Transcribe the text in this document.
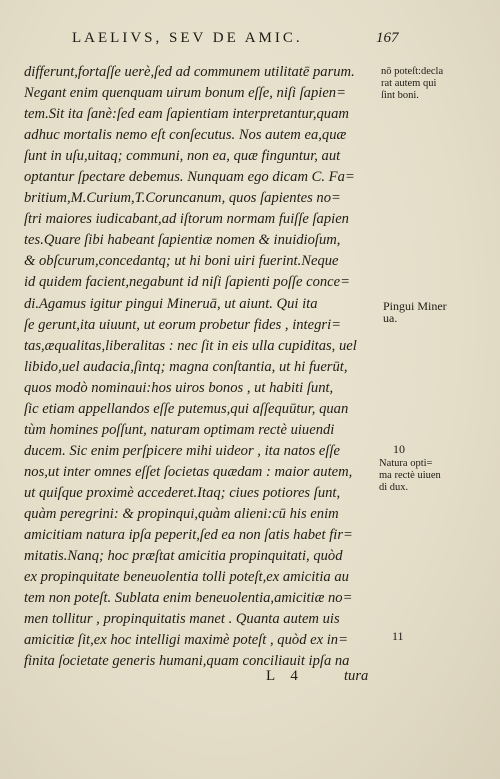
LAELIVS, SEV DE AMIC.	167
differunt,fortaſſe uerè,ſed ad communem utilitatē parum.
Negant enim quenquam uirum bonum eſſe, niſi ſapien=
tem.Sit ita ſanè:ſed eam ſapientiam interpretantur,quam
adhuc mortalis nemo eſt conſecutus. Nos autem ea,quæ
ſunt in uſu,uitaq; communi, non ea, quæ finguntur, aut
optantur ſpectare debemus. Nunquam ego dicam C. Fa=
britium,M.Curium,T.Coruncanum, quos ſapientes no=
ſtri maiores iudicabant,ad iſtorum normam fuiſſe ſapien
tes.Quare ſibi habeant ſapientiæ nomen & inuidioſum,
& obſcurum,concedantq; ut hi boni uiri fuerint.Neque
id quidem facient,negabunt id niſi ſapienti poſſe conce=
di.Agamus igitur pingui Mineruā, ut aiunt. Qui ita
ſe gerunt,ita uiuunt, ut eorum probetur fides , integri=
tas,æqualitas,liberalitas : nec ſit in eis ulla cupiditas, uel
libido,uel audacia,ſintq; magna conſtantia, ut hi fuerūt,
quos modò nominaui:hos uiros bonos , ut habiti ſunt,
ſic etiam appellandos eſſe putemus,qui aſſequūtur, quan
tùm homines poſſunt, naturam optimam rectè uiuendi
ducem. Sic enim perſpicere mihi uideor , ita natos eſſe
nos,ut inter omnes eſſet ſocietas quædam : maior autem,
ut quiſque proximè accederet.Itaq; ciues potiores ſunt,
quàm peregrini: & propinqui,quàm alieni:cū his enim
amicitiam natura ipſa peperit,ſed ea non ſatis habet fir=
mitatis.Nanq; hoc præſtat amicitia propinquitati, quòd
ex propinquitate beneuolentia tolli poteſt,ex amicitia au
tem non poteſt. Sublata enim beneuolentia,amicitiæ no=
men tollitur , propinquitatis manet . Quanta autem uis
amicitiæ ſit,ex hoc intelligi maximè poteſt , quòd ex in=
finita ſocietate generis humani,quam conciliauit ipſa na
nō poteſt:decla
rat autem qui
ſint boni.
Pingui Miner
ua.
10
Natura opti=
ma rectè uiuen
di dux.
11
L 4	tura
